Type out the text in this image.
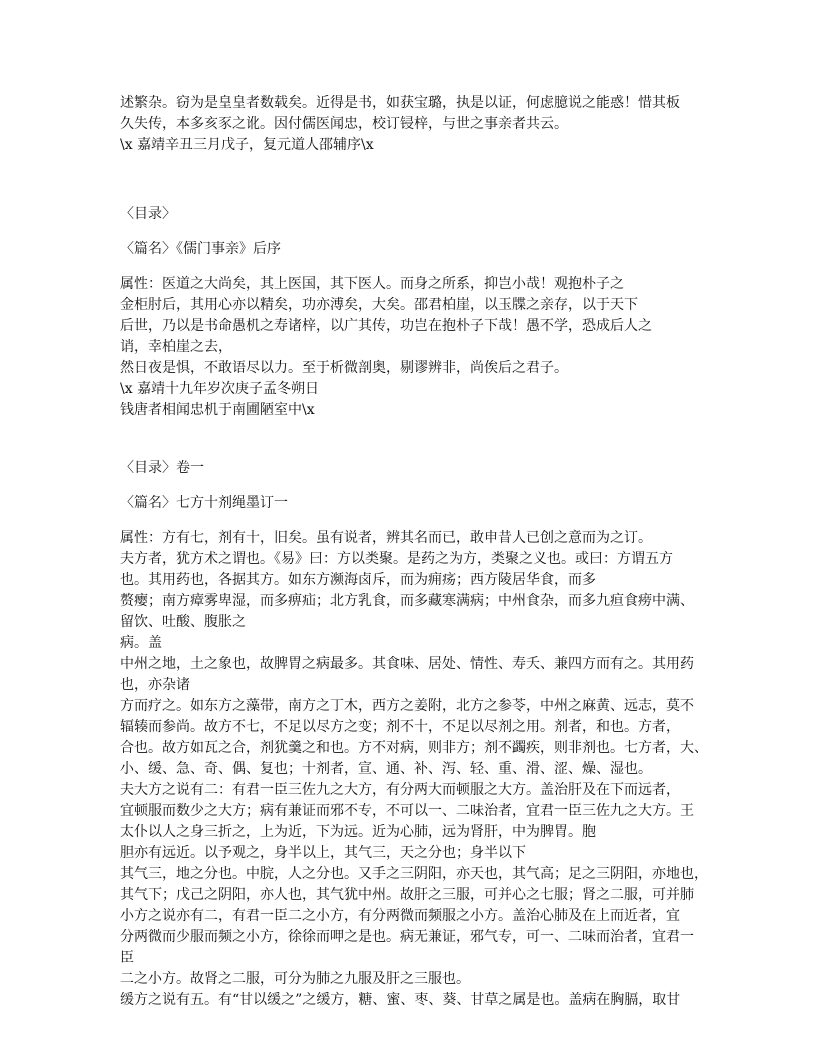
述繁杂。窃为是皇皇者数载矣。近得是书，如获宝璐，执是以证，何虑臆说之能惑！惜其板
久失传，本多亥豕之讹。因付儒医闻忠，校订锓梓，与世之事亲者共云。
\x 嘉靖辛丑三月戊子，复元道人邵辅序\x
〈目录〉
〈篇名〉《儒门事亲》后序
属性：医道之大尚矣，其上医国，其下医人。而身之所系，抑岂小哉！观抱朴子之
金柜肘后，其用心亦以精矣，功亦溥矣，大矣。邵君柏崖，以玉牒之亲存，以于天下
后世，乃以是书命愚机之寿诸梓，以广其传，功岂在抱朴子下哉！愚不学，恐成后人之
诮，幸柏崖之去，
然日夜是惧，不敢语尽以力。至于析微剖奥，剔谬辨非，尚俟后之君子。
\x 嘉靖十九年岁次庚子孟冬朔日
钱唐者相闻忠机于南圃陋室中\x
〈目录〉卷一
〈篇名〉七方十剂绳墨订一
属性：方有七，剂有十，旧矣。虽有说者，辨其名而已，敢申昔人已创之意而为之订。
夫方者，犹方术之谓也。《易》曰：方以类聚。是药之为方，类聚之义也。或曰：方谓五方
也。其用药也，各据其方。如东方濒海卤斥，而为痈疡；西方陵居华食，而多
赘瘿；南方瘴雾卑湿，而多痹疝；北方乳食，而多藏寒满病；中州食杂，而多九疸食痨中满、
留饮、吐酸、腹胀之
病。盖
中州之地，土之象也，故脾胃之病最多。其食味、居处、情性、寿夭、兼四方而有之。其用药
也，亦杂诸
方而疗之。如东方之藻带，南方之丁木，西方之姜附，北方之参苓，中州之麻黄、远志，莫不
辐辏而参尚。故方不七，不足以尽方之变；剂不十，不足以尽剂之用。剂者，和也。方者，
合也。故方如瓦之合，剂犹羹之和也。方不对病，则非方；剂不蠲疾，则非剂也。七方者，大、
小、缓、急、奇、偶、复也；十剂者，宣、通、补、泻、轻、重、滑、涩、燥、湿也。
夫大方之说有二：有君一臣三佐九之大方，有分两大而顿服之大方。盖治肝及在下而远者，
宜顿服而数少之大方；病有兼证而邪不专，不可以一、二味治者，宜君一臣三佐九之大方。王
太仆以人之身三折之，上为近，下为远。近为心肺，远为肾肝，中为脾胃。胞
胆亦有远近。以予观之，身半以上，其气三，天之分也；身半以下
其气三，地之分也。中脘，人之分也。又手之三阴阳，亦天也，其气高；足之三阴阳，亦地也，
其气下；戊己之阴阳，亦人也，其气犹中州。故肝之三服，可并心之七服；肾之二服，可并肺
小方之说亦有二，有君一臣二之小方，有分两微而频服之小方。盖治心肺及在上而近者，宜
分两微而少服而频之小方，徐徐而呷之是也。病无兼证，邪气专，可一、二味而治者，宜君一
臣
二之小方。故肾之二服，可分为肺之九服及肝之三服也。
缓方之说有五。有“甘以缓之”之缓方，糖、蜜、枣、葵、甘草之属是也。盖病在胸膈，取甘
